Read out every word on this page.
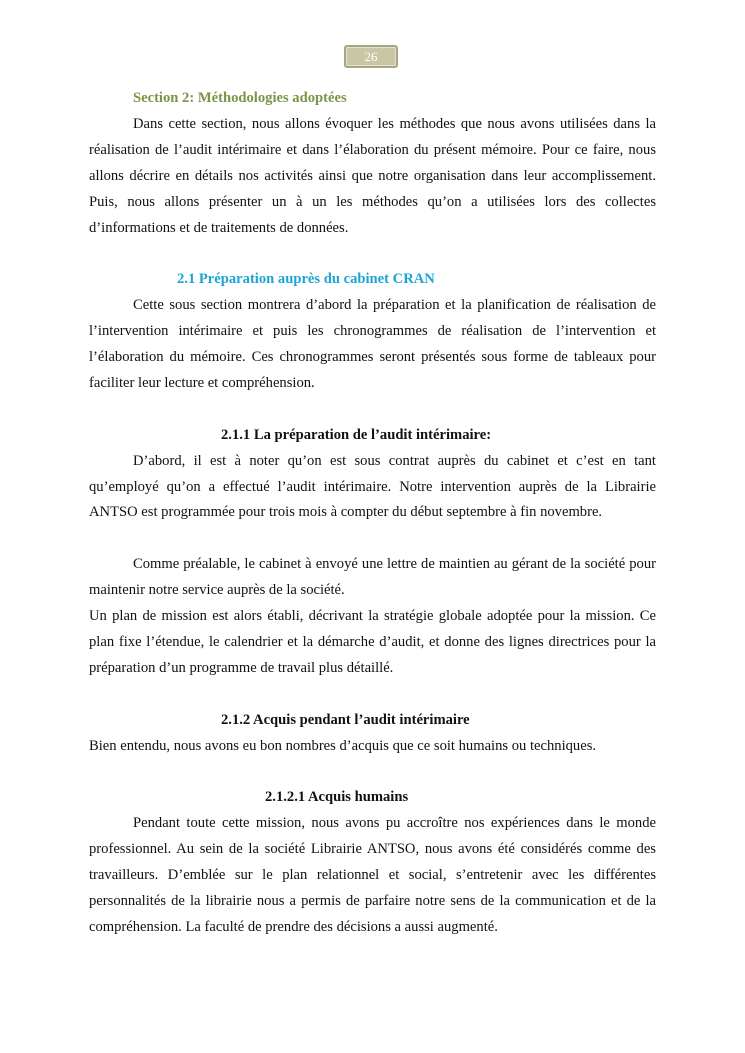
26
Section 2: Méthodologies adoptées

Dans cette section, nous allons évoquer les méthodes que nous avons utilisées dans la réalisation de l’audit intérimaire et dans l’élaboration du présent mémoire. Pour ce faire, nous allons décrire en détails nos activités ainsi que notre organisation dans leur accomplissement. Puis, nous allons présenter un à un les méthodes qu’on a utilisées lors des collectes d’informations et de traitements de données.

2.1 Préparation auprès du cabinet CRAN

Cette sous section montrera d’abord la préparation et la planification de réalisation de l’intervention intérimaire et puis les chronogrammes de réalisation de l’intervention et l’élaboration du mémoire. Ces chronogrammes seront présentés sous forme de tableaux pour faciliter leur lecture et compréhension.

2.1.1 La préparation de l’audit intérimaire:

D’abord, il est à noter qu’on est sous contrat auprès du cabinet et c’est en tant qu’employé qu’on a effectué l’audit intérimaire. Notre intervention auprès de la Librairie ANTSO est programmée pour trois mois à compter du début septembre à fin novembre.

Comme préalable, le cabinet à envoyé une lettre de maintien au gérant de la société pour maintenir notre service auprès de la société.

Un plan de mission est alors établi, décrivant la stratégie globale adoptée pour la mission. Ce plan fixe l’étendue, le calendrier et la démarche d’audit, et donne des lignes directrices pour la préparation d’un programme de travail plus détaillé.

2.1.2 Acquis pendant l’audit intérimaire

Bien entendu, nous avons eu bon nombres d’acquis que ce soit humains ou techniques.

2.1.2.1 Acquis humains

Pendant toute cette mission, nous avons pu accroître nos expériences dans le monde professionnel. Au sein de la société Librairie ANTSO, nous avons été considérés comme des travailleurs. D’emblée sur le plan relationnel et social, s’entretenir avec les différentes personnalités de la librairie nous a permis de parfaire notre sens de la communication et de la compréhension. La faculté de prendre des décisions a aussi augmenté.
